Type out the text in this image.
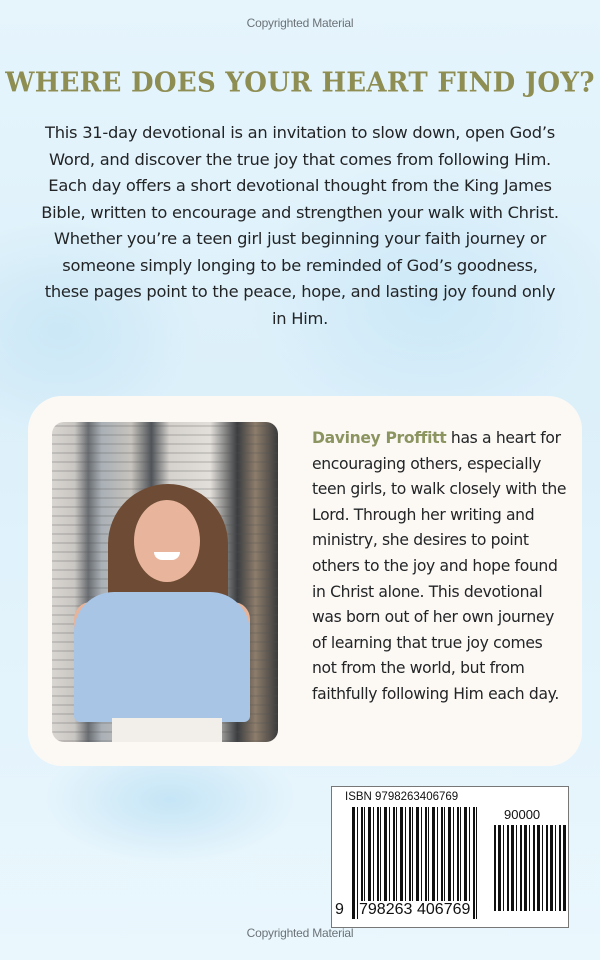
Copyrighted Material
WHERE DOES YOUR HEART FIND JOY?
This 31-day devotional is an invitation to slow down, open God’s Word, and discover the true joy that comes from following Him. Each day offers a short devotional thought from the King James Bible, written to encourage and strengthen your walk with Christ. Whether you’re a teen girl just beginning your faith journey or someone simply longing to be reminded of God’s goodness, these pages point to the peace, hope, and lasting joy found only in Him.
Daviney Proffitt has a heart for encouraging others, especially teen girls, to walk closely with the Lord. Through her writing and ministry, she desires to point others to the joy and hope found in Christ alone. This devotional was born out of her own journey of learning that true joy comes not from the world, but from faithfully following Him each day.
ISBN 9798263406769
90000
9 798263 406769
Copyrighted Material
